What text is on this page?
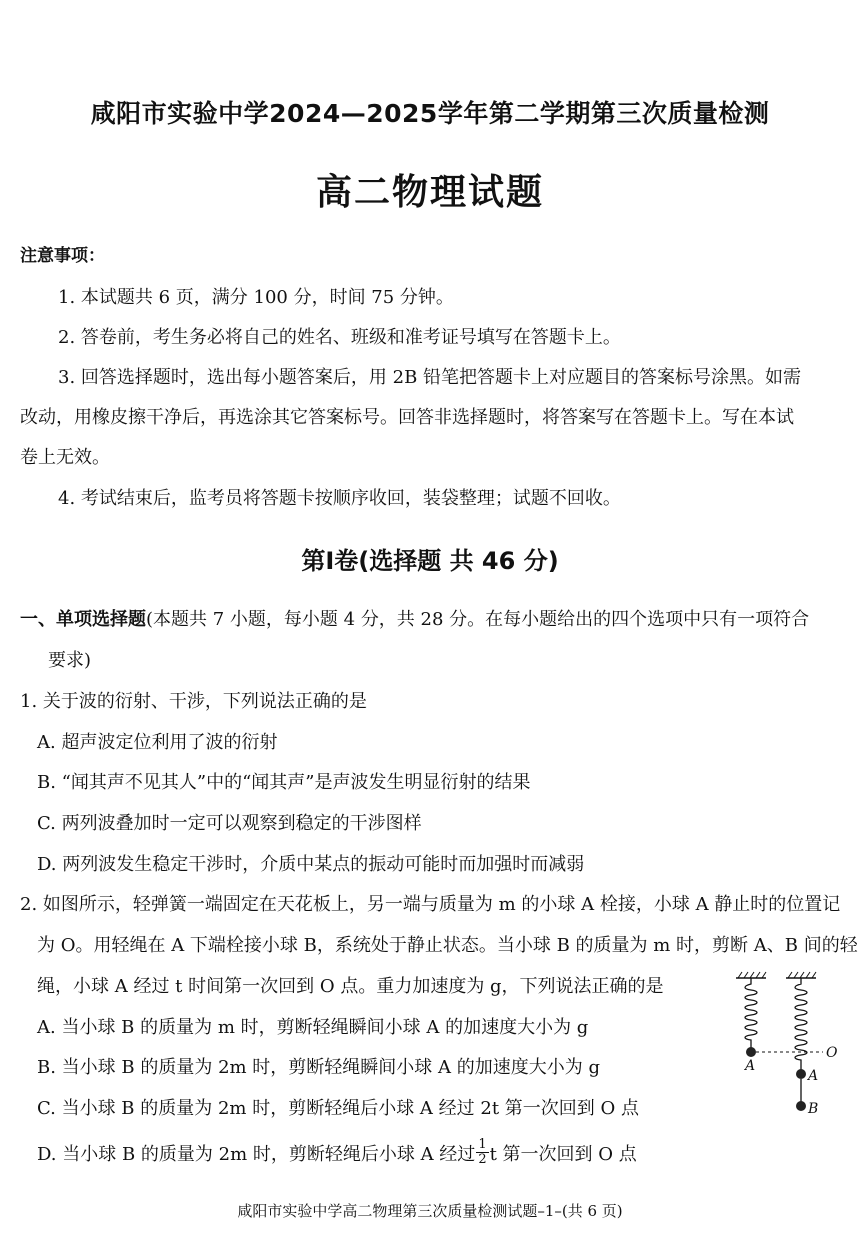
咸阳市实验中学2024—2025学年第二学期第三次质量检测
高二物理试题
注意事项：
1. 本试题共 6 页，满分 100 分，时间 75 分钟。
2. 答卷前，考生务必将自己的姓名、班级和准考证号填写在答题卡上。
3. 回答选择题时，选出每小题答案后，用 2B 铅笔把答题卡上对应题目的答案标号涂黑。如需
改动，用橡皮擦干净后，再选涂其它答案标号。回答非选择题时，将答案写在答题卡上。写在本试
卷上无效。
4. 考试结束后，监考员将答题卡按顺序收回，装袋整理；试题不回收。
第Ⅰ卷(选择题 共 46 分)
一、单项选择题(本题共 7 小题，每小题 4 分，共 28 分。在每小题给出的四个选项中只有一项符合
要求)
1. 关于波的衍射、干涉，下列说法正确的是
A. 超声波定位利用了波的衍射
B. “闻其声不见其人”中的“闻其声”是声波发生明显衍射的结果
C. 两列波叠加时一定可以观察到稳定的干涉图样
D. 两列波发生稳定干涉时，介质中某点的振动可能时而加强时而减弱
2. 如图所示，轻弹簧一端固定在天花板上，另一端与质量为 m 的小球 A 栓接，小球 A 静止时的位置记
为 O。用轻绳在 A 下端栓接小球 B，系统处于静止状态。当小球 B 的质量为 m 时，剪断 A、B 间的轻
绳，小球 A 经过 t 时间第一次回到 O 点。重力加速度为 g，下列说法正确的是
A. 当小球 B 的质量为 m 时，剪断轻绳瞬间小球 A 的加速度大小为 g
B. 当小球 B 的质量为 2m 时，剪断轻绳瞬间小球 A 的加速度大小为 g
C. 当小球 B 的质量为 2m 时，剪断轻绳后小球 A 经过 2t 第一次回到 O 点
D. 当小球 B 的质量为 2m 时，剪断轻绳后小球 A 经过 $\frac{1}{2}$ t 第一次回到 O 点
A
O
A
B
咸阳市实验中学高二物理第三次质量检测试题–1–(共 6 页)
